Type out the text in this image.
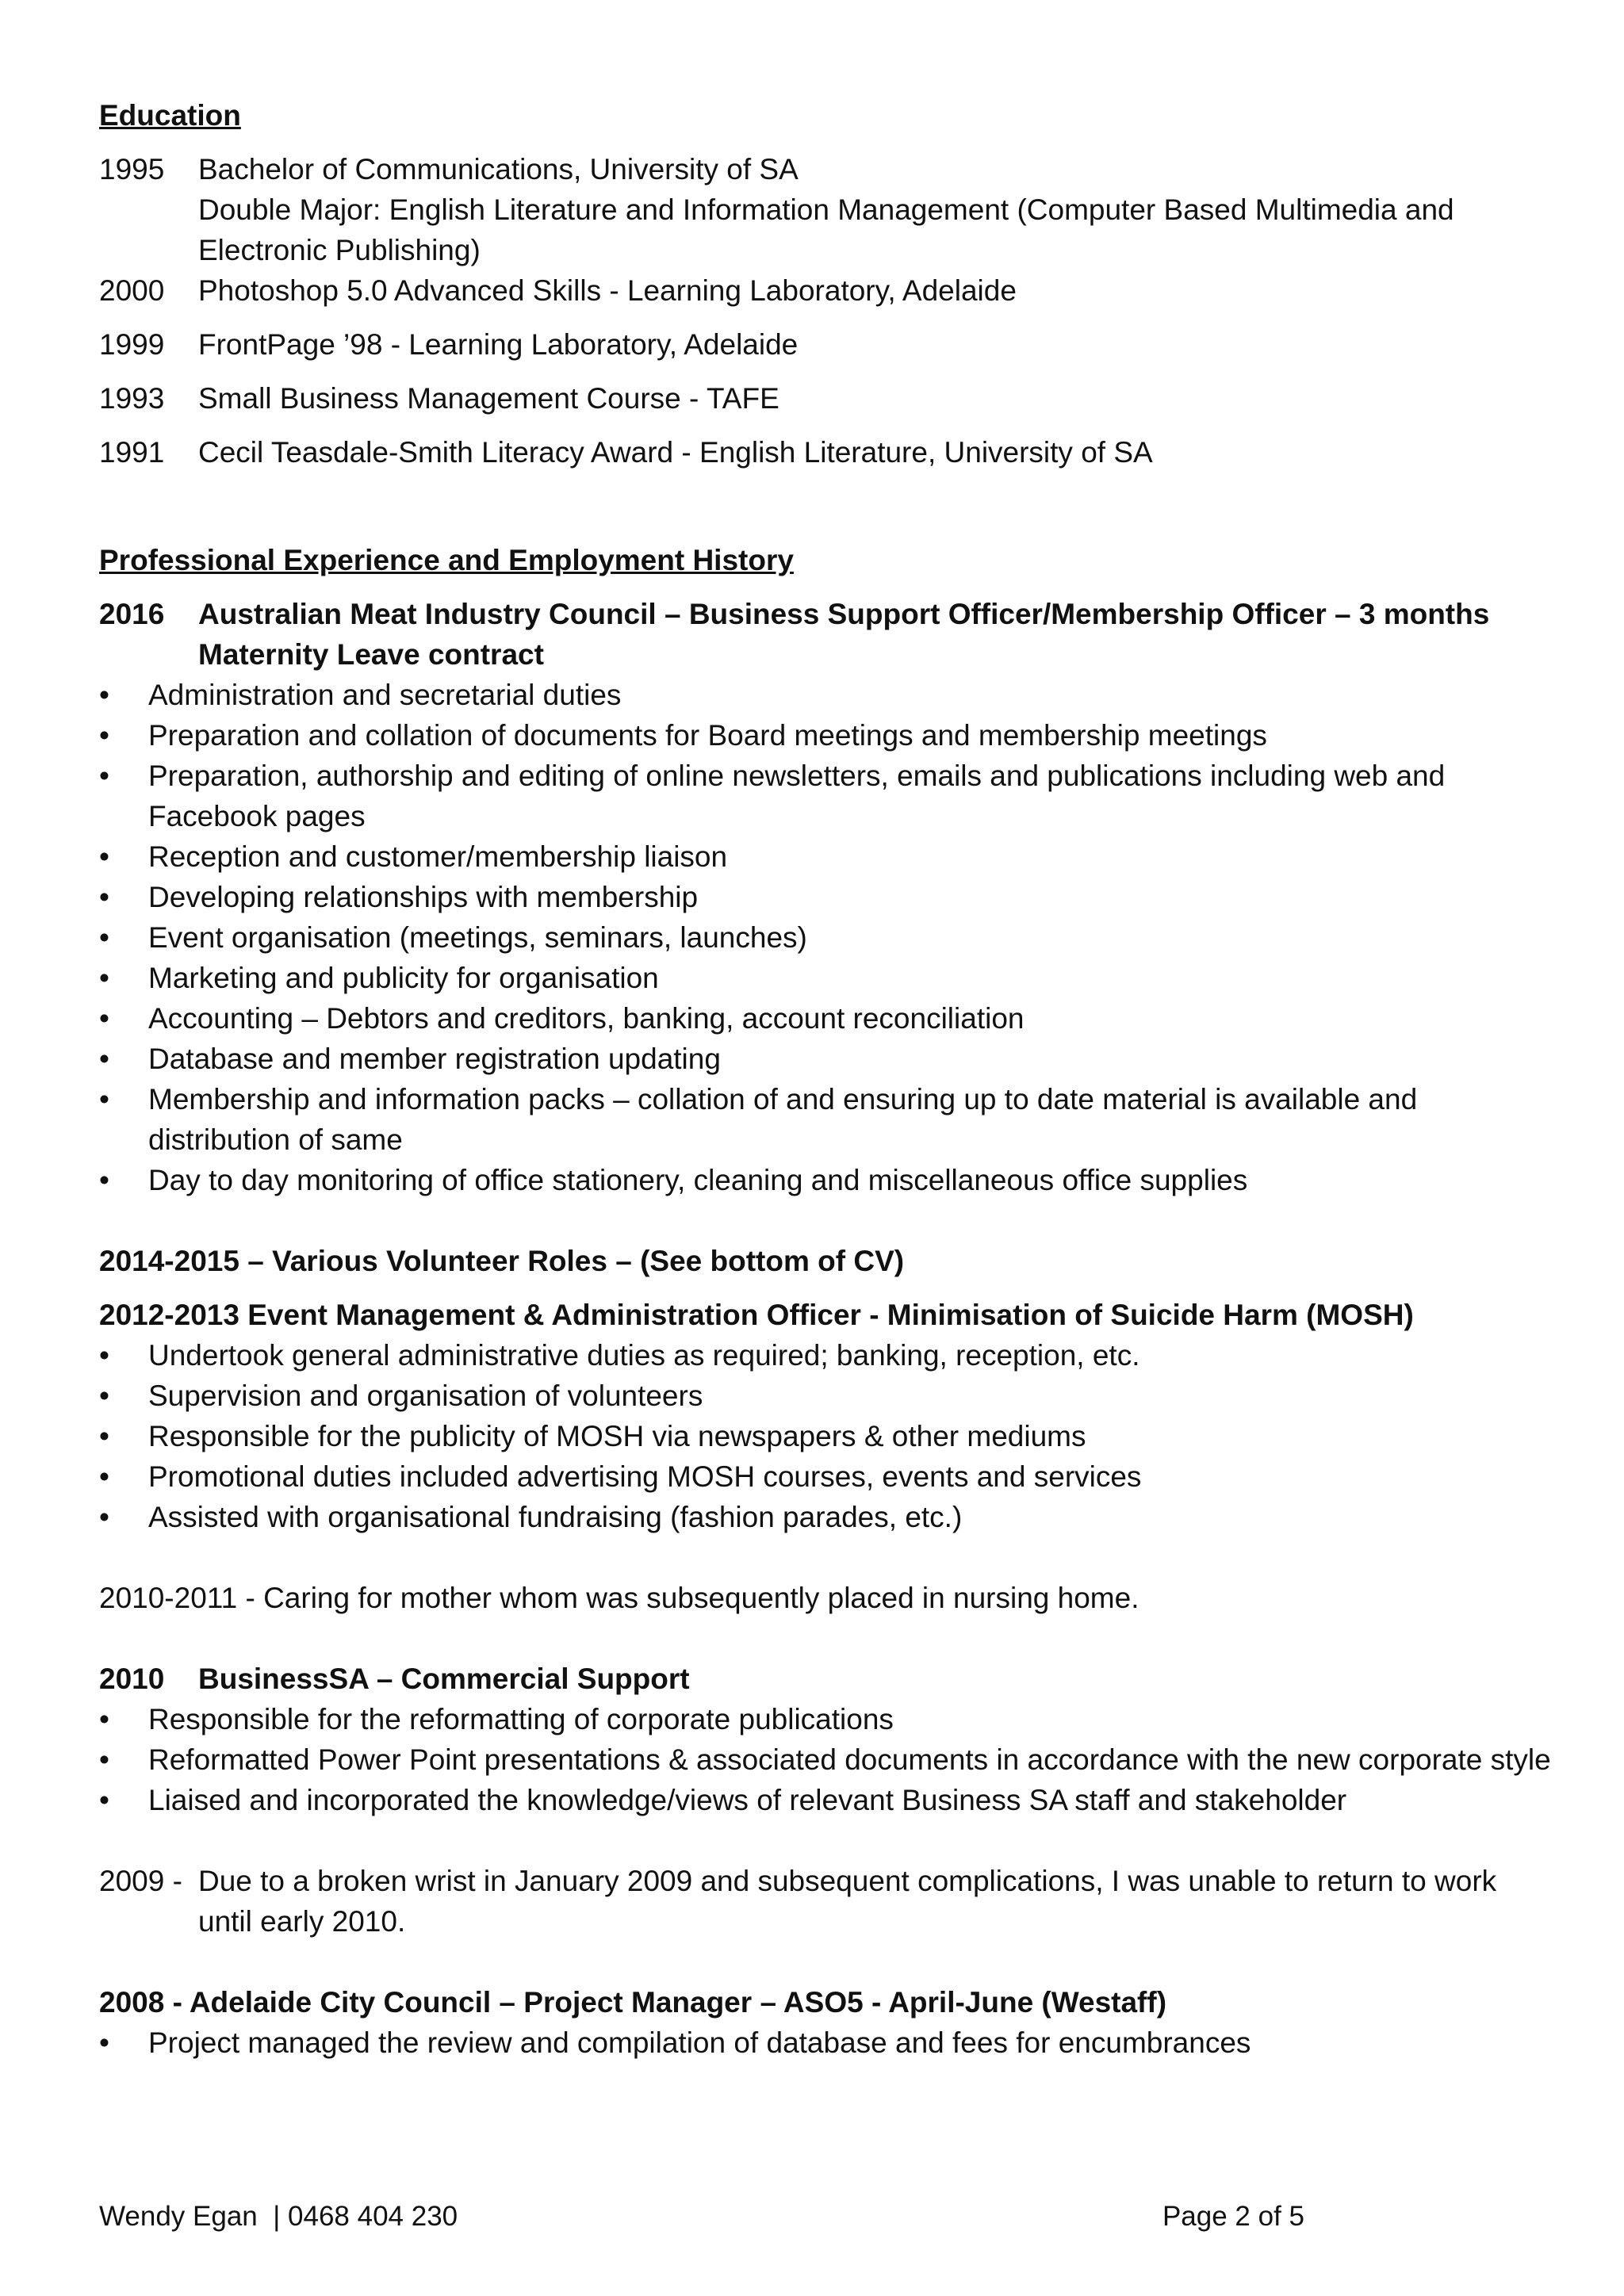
Education

1995	Bachelor of Communications, University of SA
Double Major: English Literature and Information Management (Computer Based Multimedia and Electronic Publishing)
2000	Photoshop 5.0 Advanced Skills - Learning Laboratory, Adelaide
1999	FrontPage ’98 - Learning Laboratory, Adelaide
1993	Small Business Management Course - TAFE
1991	Cecil Teasdale-Smith Literacy Award - English Literature, University of SA

Professional Experience and Employment History

2016	Australian Meat Industry Council – Business Support Officer/Membership Officer – 3 months Maternity Leave contract
• Administration and secretarial duties
• Preparation and collation of documents for Board meetings and membership meetings
• Preparation, authorship and editing of online newsletters, emails and publications including web and Facebook pages
• Reception and customer/membership liaison
• Developing relationships with membership
• Event organisation (meetings, seminars, launches)
• Marketing and publicity for organisation
• Accounting – Debtors and creditors, banking, account reconciliation
• Database and member registration updating
• Membership and information packs – collation of and ensuring up to date material is available and distribution of same
• Day to day monitoring of office stationery, cleaning and miscellaneous office supplies
2014-2015 – Various Volunteer Roles – (See bottom of CV)
2012-2013 Event Management & Administration Officer - Minimisation of Suicide Harm (MOSH)
• Undertook general administrative duties as required; banking, reception, etc.
• Supervision and organisation of volunteers
• Responsible for the publicity of MOSH via newspapers & other mediums
• Promotional duties included advertising MOSH courses, events and services
• Assisted with organisational fundraising (fashion parades, etc.)

2010-2011 - Caring for mother whom was subsequently placed in nursing home.

2010	BusinessSA – Commercial Support
• Responsible for the reformatting of corporate publications
• Reformatted Power Point presentations & associated documents in accordance with the new corporate style
• Liaised and incorporated the knowledge/views of relevant Business SA staff and stakeholder
2009 - Due to a broken wrist in January 2009 and subsequent complications, I was unable to return to work until early 2010.
2008 - Adelaide City Council – Project Manager – ASO5 - April-June (Westaff)
• Project managed the review and compilation of database and fees for encumbrances
Wendy Egan  | 0468 404 230	Page 2 of 5
